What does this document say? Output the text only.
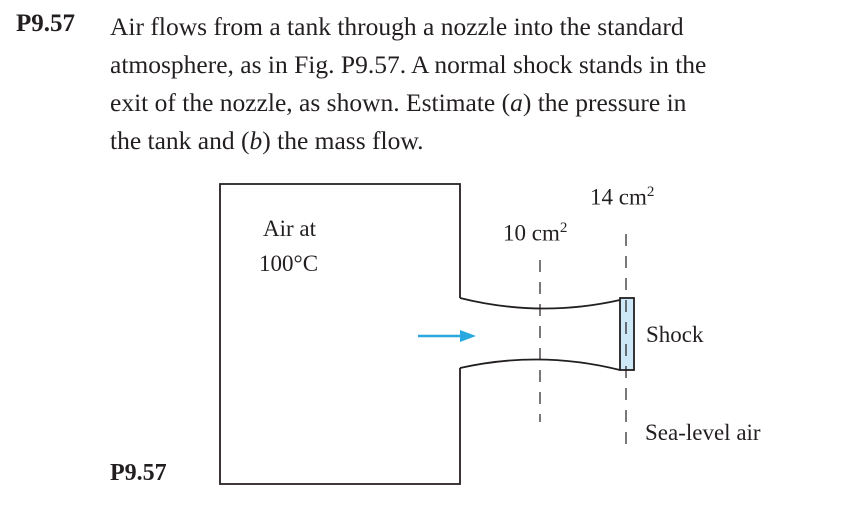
P9.57 Air flows from a tank through a nozzle into the standard
atmosphere, as in Fig. P9.57. A normal shock stands in the
exit of the nozzle, as shown. Estimate (a) the pressure in
the tank and (b) the mass flow.
Air at
100°C
10 $cm^2$
14 $cm^2$
Shock
Sea-level air
P9.57
